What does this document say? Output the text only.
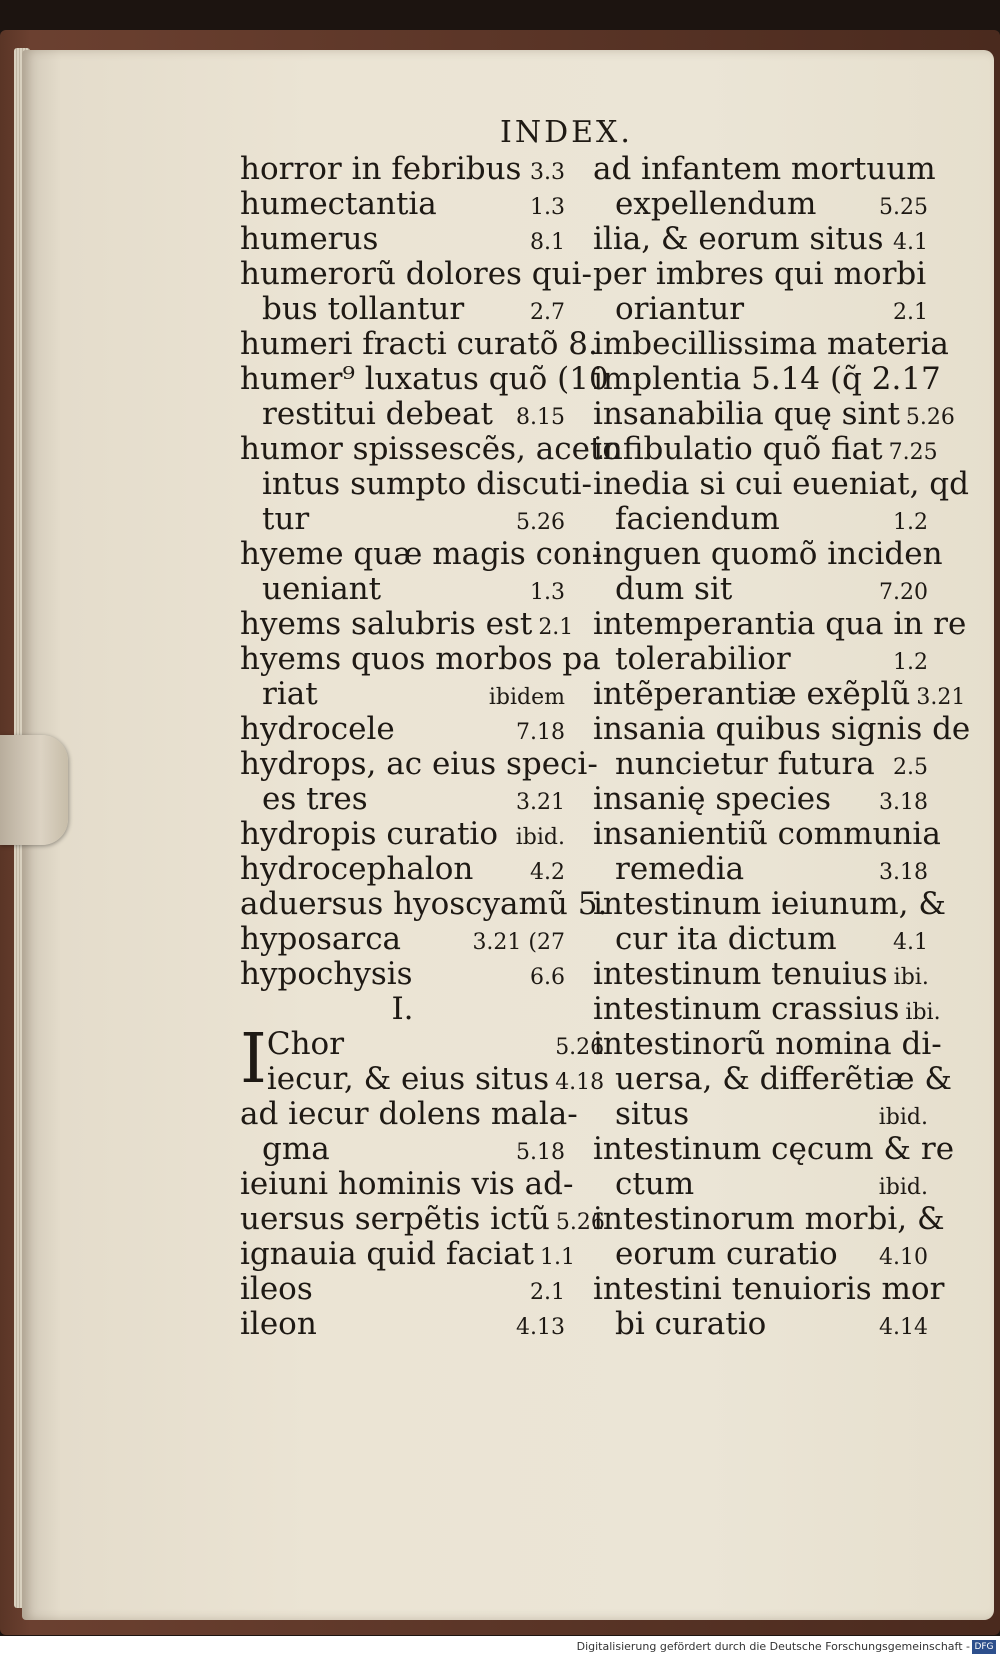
INDEX.
horror in febribus 3.3
humectantia	1.3
humerus	8.1
humerorũ dolores qui-
bus tollantur	2.7
humeri fracti curatõ 8.
humer⁹ luxatus quõ (10
restitui debeat 8.15
humor spissescẽs, aceto
intus sumpto discuti-
tur	5.26
hyeme quæ magis con-
ueniant	1.3
hyems salubris est 2.1
hyems quos morbos pa
riat	ibidem
hydrocele	7.18
hydrops, ac eius speci-
es tres	3.21
hydropis curatio ibid.
hydrocephalon	4.2
aduersus hyoscyamũ 5.
hyposarca	3.21 (27
hypochysis	6.6
I.
I Chor	5.26
iecur, & eius situs 4.18
ad iecur dolens mala-
gma	5.18
ieiuni hominis vis ad-
uersus serpẽtis ictũ 5.26
ignauia quid faciat 1.1
ileos	2.1
ileon	4.13
ad infantem mortuum
expellendum	5.25
ilia, & eorum situs 4.1
per imbres qui morbi
oriantur	2.1
imbecillissima materia
implentia 5.14 (q̃ 2.17
insanabilia quę sint 5.26
infibulatio quõ fiat 7.25
inedia si cui eueniat, qd
faciendum	1.2
inguen quomõ inciden
dum sit	7.20
intemperantia qua in re
tolerabilior	1.2
intẽperantiæ exẽplũ 3.21
insania quibus signis de
nuncietur futura 2.5
insanię species 3.18
insanientiũ communia
remedia	3.18
intestinum ieiunum, &
cur ita dictum	4.1
intestinum tenuius ibi.
intestinum crassius ibi.
intestinorũ nomina di-
uersa, & differẽtiæ &
situs	ibid.
intestinum cęcum & re
ctum	ibid.
intestinorum morbi, &
eorum curatio 4.10
intestini tenuioris mor
bi curatio	4.14
Digitalisierung gefördert durch die Deutsche Forschungsgemeinschaft - DFG
